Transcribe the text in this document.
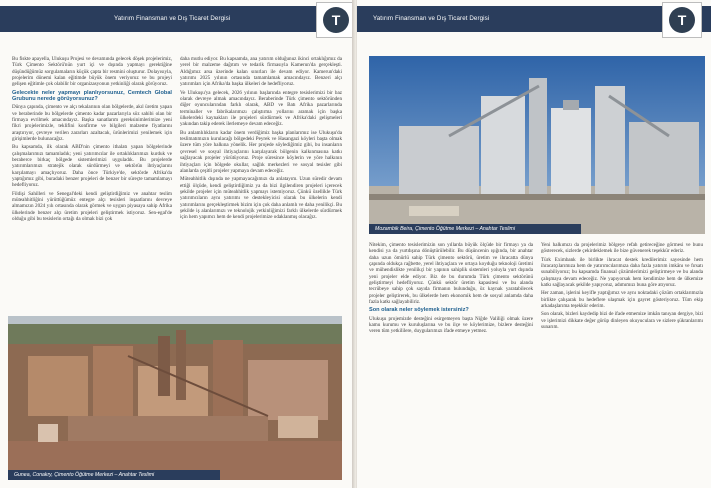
Yatırım Finansman ve Dış Ticaret Dergisi	T

Bu fiskte apayella, Ulukuşu Projesi ve devamında gelecek döşek projelerimiz, Türk Çimento Sektörü'nün yurt içi ve dışında yapmayı gerektiğine düşündüğümüz sorgulamaların küçük çapta bir resmini oluşturur. Dolayısıyla, projelerim dönemi kalan eğitimde büyük önem veriyoruz ve bu projeyi gelişen eğitimle çok olabilir bir organizasyonun yetkinliği olarak görüyoruz.

Gelecekte neler yapmayı planlıyorsunuz, Cemtech Global Grubunu nerede görüyorsunuz?

Dünya çapında, çimento ve alçı tekalarının olan bölgelerde, akıl üretim yapan ve beraberinde bu bölgelerde çimento kadar pazarlarıyla söz sahibi olan bir firmaya evrilmek amacındayız. Başka sanatlarım gereksinimlerimize yeni fikri projelerimizle, teklifini konfirme ve bilgileri malzeme fiyatlarını araştırıyor, çevreye verilen zararları azaltacak, ürünlerimizi yenilemek için girişimlerde bulunacağız.

Bu kapsamda, ilk olarak ABD'nin çimento ithalatı yapan bölgelerinde çalışmalarımızı tamamladık; yeni yatırımcılar ile ortaklıklarımızı kurduk ve beraberce birkaç bölgede sistemlerimizi uyguladık. Bu projelerde yatırımlarımızı stratejik olarak sürdürmeyi ve sektörün ihtiyaçlarını karşılamayı amaçlıyoruz. Daha önce Türkiye'de, sektörde Afrika'da yaptığımız gibi, buradaki benzer projeleri de benzer bir süreçte tamamlamayı hedefliyoruz.

Fildişi Sahilleri ve Senegal'deki kendi geliştirdiğimiz ve anahtar teslim müteahhitliğini yürüttüğümüz entegre alçı tesisleri inşaatlarını devreye almamızın 2024 yılı ortasında olarak görmek ve uygun piyasaya sahip Afrika ülkelerinde benzer alçı üretim projeleri geliştirmek istiyoruz. Sen-egal'de olduğu gibi bu tesislerin ortağı da olmak bizi çok

daha mutlu ediyor. Bu kapsamda, ana yatırım olduğunuz ikinci ortaklığımız da yerel bir malzeme dağıtım ve tedarik firmasıyla Kamerun'da gerçekleşti. Aldığımız arsa üzerinde kalan sınırları ile devam ediyor. Kamerun'daki yatırımı 2025 yılının ortasında tamamlamak amacındayız. Benzeri alçı yatırımları için Afrika'da başka ülkeleri de hedefliyoruz.

Ve Ulukuşu'ya gelecek, 2026 yılının başlarında entegre tesislerimizi bir baz olarak devreye almak amacındayız. Beraberinde Türk çimento sektöründen diğer oyuncularından farklı olarak, ABD ve Batı Afrika pazarlarında terminaller ve fabrikalarımızı çalıştırma yollarını aramak için başka ülkelerdeki kaynakları ile projeleri sürdürmek ve Afrika'daki gelişmeleri yakından takip ederek ilerlemeye devam edeceğiz.

Bu anlamlılıkların kadar önem verdiğimiz başka planlarımız ise Ulukuşu'da teslimatımızın kurulacağı bölgedeki Peyrek ve Hasangazi köyleri başta olmak üzere tüm yöre halkına yönelik. Her projede söylediğimiz gibi, bu insanların çevresel ve sosyal ihtiyaçlarını karşılayarak bölgenin kalkınmasına katkı sağlayacak projeler yürütüyoruz. Proje süresince köylerin ve yöre halkının ihtiyaçları için bölgede okullar, sağlık merkezleri ve sosyal tesisler gibi alanlarda çeşitli projeler yapmaya devam edeceğiz.

Müteahhitlik dışında ne yapmayacağımızı da anlatayım. Uzun süredir devam ettiği ölçüde, kendi geliştirdiğimiz ya da bizi ilgilendiren projeleri içerecek şekilde projeler için müteahhitlik yapmayı istemiyoruz. Çünkü özellikle Türk yatırımcıların aynı yatırımı ve destekleyicisi olarak bu ülkelerin kendi yatırımlarını gerçekleştirmek bizim için çok daha anlamlı ve daha yenilikçi. Bu şekilde iş alanlarımızı ve teknolojik yetkinliğimizi farklı ülkelerde sürdürmek için hem yapımcı hem de kendi projelerimize odaklanmış olacağız.

Gunea, Conakry, Çimento Öğütme Merkezi – Anahtar Teslimi
Yatırım Finansman ve Dış Ticaret Dergisi	T
Mozambik Beira, Çimento Öğütme Merkezi – Anahtar Teslimi

Nitekim, çimento tesislerimizin son yıllarda büyük ölçüde bir firmayı ya da kendisi ya da yurtdışına dönüştürülebilir. Bu düşüncenin ışığında, bir anahtar daha uzun ömürlü sahip Türk çimento sektörü, üretim ve ihracatta dünya çapında oldukça rağbette, yerel ihtiyaçlara ve ortaya koyduğu teknoloji üretimi ve mühendislikte yenilikçi bir yapının sahiplik sistemleri yoluyla yurt dışında yeni projeler elde ediyor. Biz de bu durumda Türk çimento sektörünü geliştirmeyi hedefliyoruz. Çünkü sektör üretim kapasitesi ve bu alanda tecrübeye sahip çok sayıda firmanın bulunduğu, öz kaynak yaratabilecek projeler geliştirerek, bu ülkelerde hem ekonomik hem de sosyal anlamda daha fazla katkı sağlayabiliriz.

Son olarak neler söylemek istersiniz?

Ulukuşu projemizde desteğini esirgemeyen başta Niğde Valiliği olmak üzere kamu kurumu ve kuruluşlarına ve bu ilçe ve köylerimize, bizlere desteğini veren tüm yetkililere, duygularımızı ifade etmeye yetmez.

Yeni halkımızı da projelerimiz bölgeye refah getireceğine görmesi ve bunu gösterecek, sizlerde çekirdeklemek ile bize güvenerek teşekkür ederiz.

Türk Eximbank ile birlikte ihracat destek kredilerimiz sayesinde hem ihracatçılarımıza hem de yatırımcılarımıza daha fazla yatırım imkânı ve fırsatı sunabiliyoruz; bu kapsamda finansal çözümlerimizi geliştirmeye ve bu alanda çalışmaya devam edeceğiz. Ne yapıyorsak hem kendimize hem de ülkemize katkı sağlayacak şekilde yapıyoruz, adımımızı buna göre atıyoruz.

Her zaman, işlerini keyifle yaptığımız ve aynı noktadaki çözüm ortaklarımızla birlikte çalışarak bu hedeflere ulaşmak için gayret gösteriyoruz. Tüm ekip arkadaşlarıma teşekkür ederim.

Son olarak, bizleri kaydedip bizi de ifade etmemize imkân tanıyan dergiye, bizi ve işlerimizi dikkate değer görüp dinleyen okuyuculara ve sizlere şükranlarımı sunarım.
